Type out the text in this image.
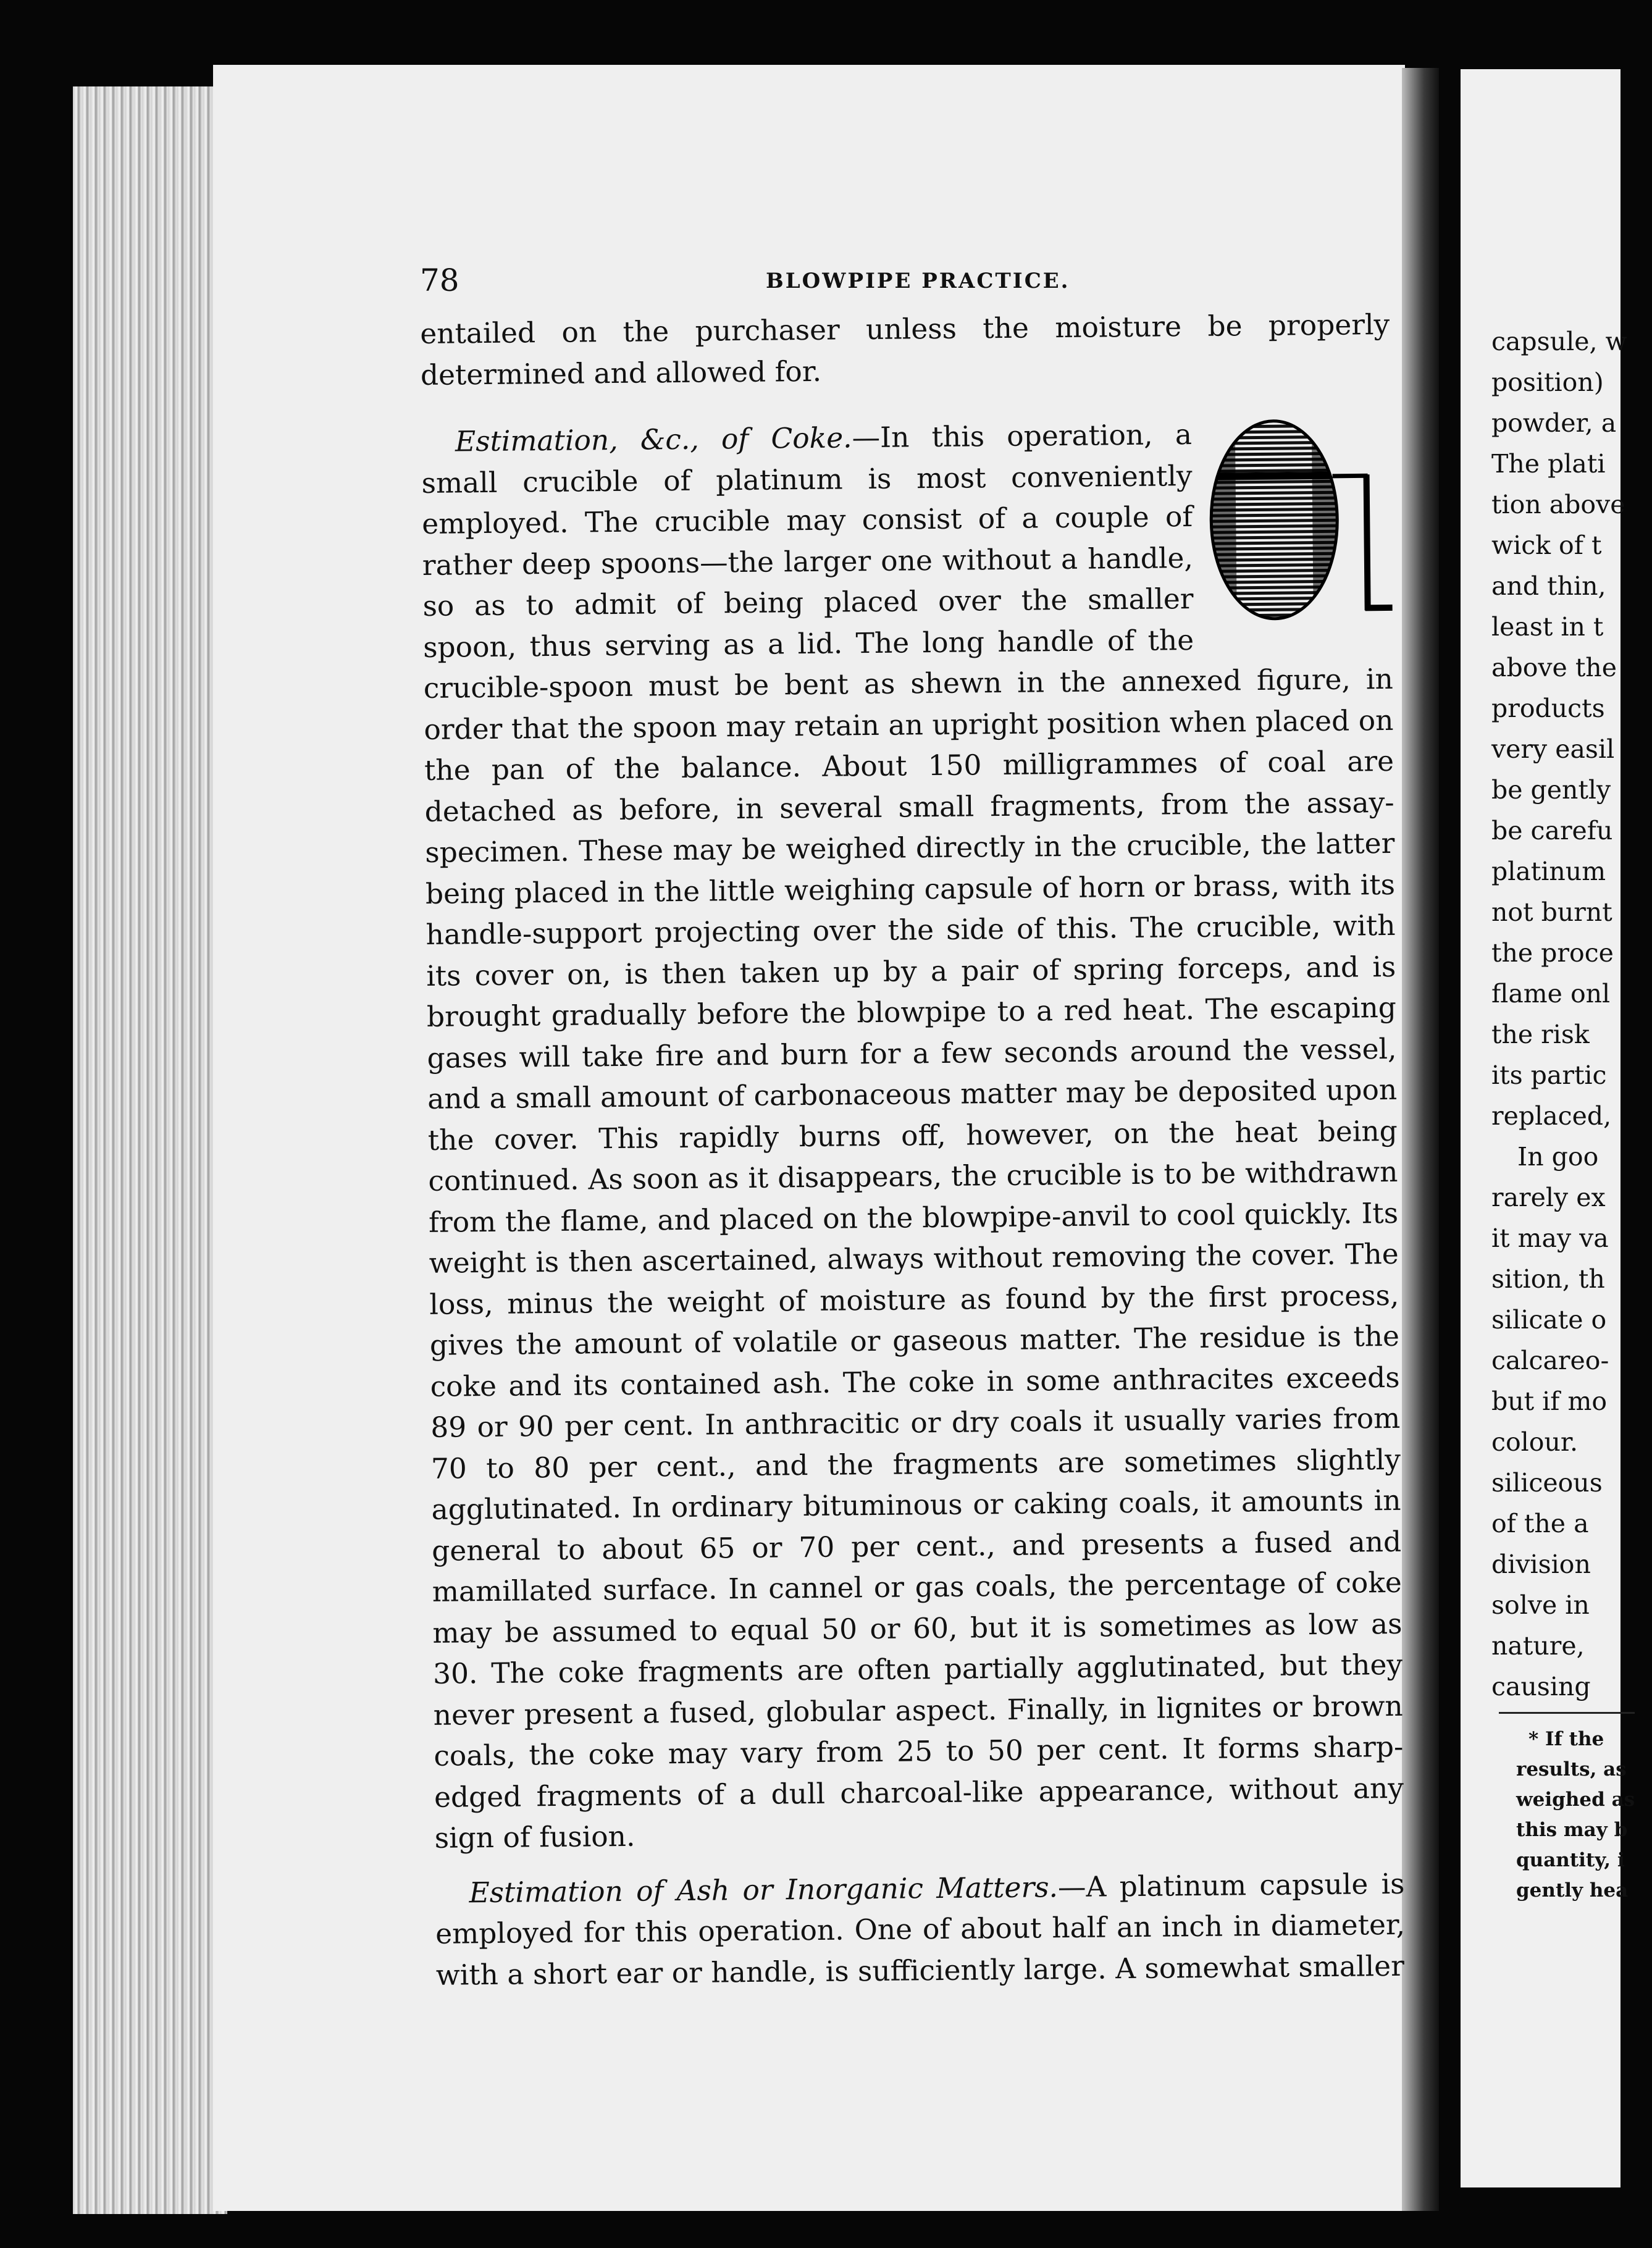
capsule, w
position)
powder, a
The plati
tion above
wick of t
and thin,
least in t
above the
products
very easil
be gently
be carefu
platinum
not burnt
the proce
flame onl
the risk
its partic
replaced,
In goo
rarely ex
it may va
sition, th
silicate o
calcareo-
but if mo
colour.
siliceous
of the a
division
solve in
nature,
causing
* If the
results, as
weighed as
this may b
quantity, i
gently hea
78	BLOWPIPE PRACTICE.

entailed on the purchaser unless the moisture be properly determined and allowed for.

Estimation, &c., of Coke.—In this operation, a small crucible of platinum is most conveniently employed. The crucible may consist of a couple of rather deep spoons—the larger one without a handle, so as to admit of being placed over the smaller spoon, thus serving as a lid. The long handle of the crucible-spoon must be bent as shewn in the annexed figure, in order that the spoon may retain an upright position when placed on the pan of the balance. About 150 milligrammes of coal are detached as before, in several small fragments, from the assay-specimen. These may be weighed directly in the crucible, the latter being placed in the little weighing capsule of horn or brass, with its handle-support projecting over the side of this. The crucible, with its cover on, is then taken up by a pair of spring forceps, and is brought gradually before the blowpipe to a red heat. The escaping gases will take fire and burn for a few seconds around the vessel, and a small amount of carbonaceous matter may be deposited upon the cover. This rapidly burns off, however, on the heat being continued. As soon as it disappears, the crucible is to be withdrawn from the flame, and placed on the blowpipe-anvil to cool quickly. Its weight is then ascertained, always without removing the cover. The loss, minus the weight of moisture as found by the first process, gives the amount of volatile or gaseous matter. The residue is the coke and its contained ash. The coke in some anthracites exceeds 89 or 90 per cent. In anthracitic or dry coals it usually varies from 70 to 80 per cent., and the fragments are sometimes slightly agglutinated. In ordinary bituminous or caking coals, it amounts in general to about 65 or 70 per cent., and presents a fused and mamillated surface. In cannel or gas coals, the percentage of coke may be assumed to equal 50 or 60, but it is sometimes as low as 30. The coke fragments are often partially agglutinated, but they never present a fused, globular aspect. Finally, in lignites or brown coals, the coke may vary from 25 to 50 per cent. It forms sharp-edged fragments of a dull charcoal-like appearance, without any sign of fusion.

Estimation of Ash or Inorganic Matters.—A platinum capsule is employed for this operation. One of about half an inch in diameter, with a short ear or handle, is sufficiently large. A somewhat smaller
